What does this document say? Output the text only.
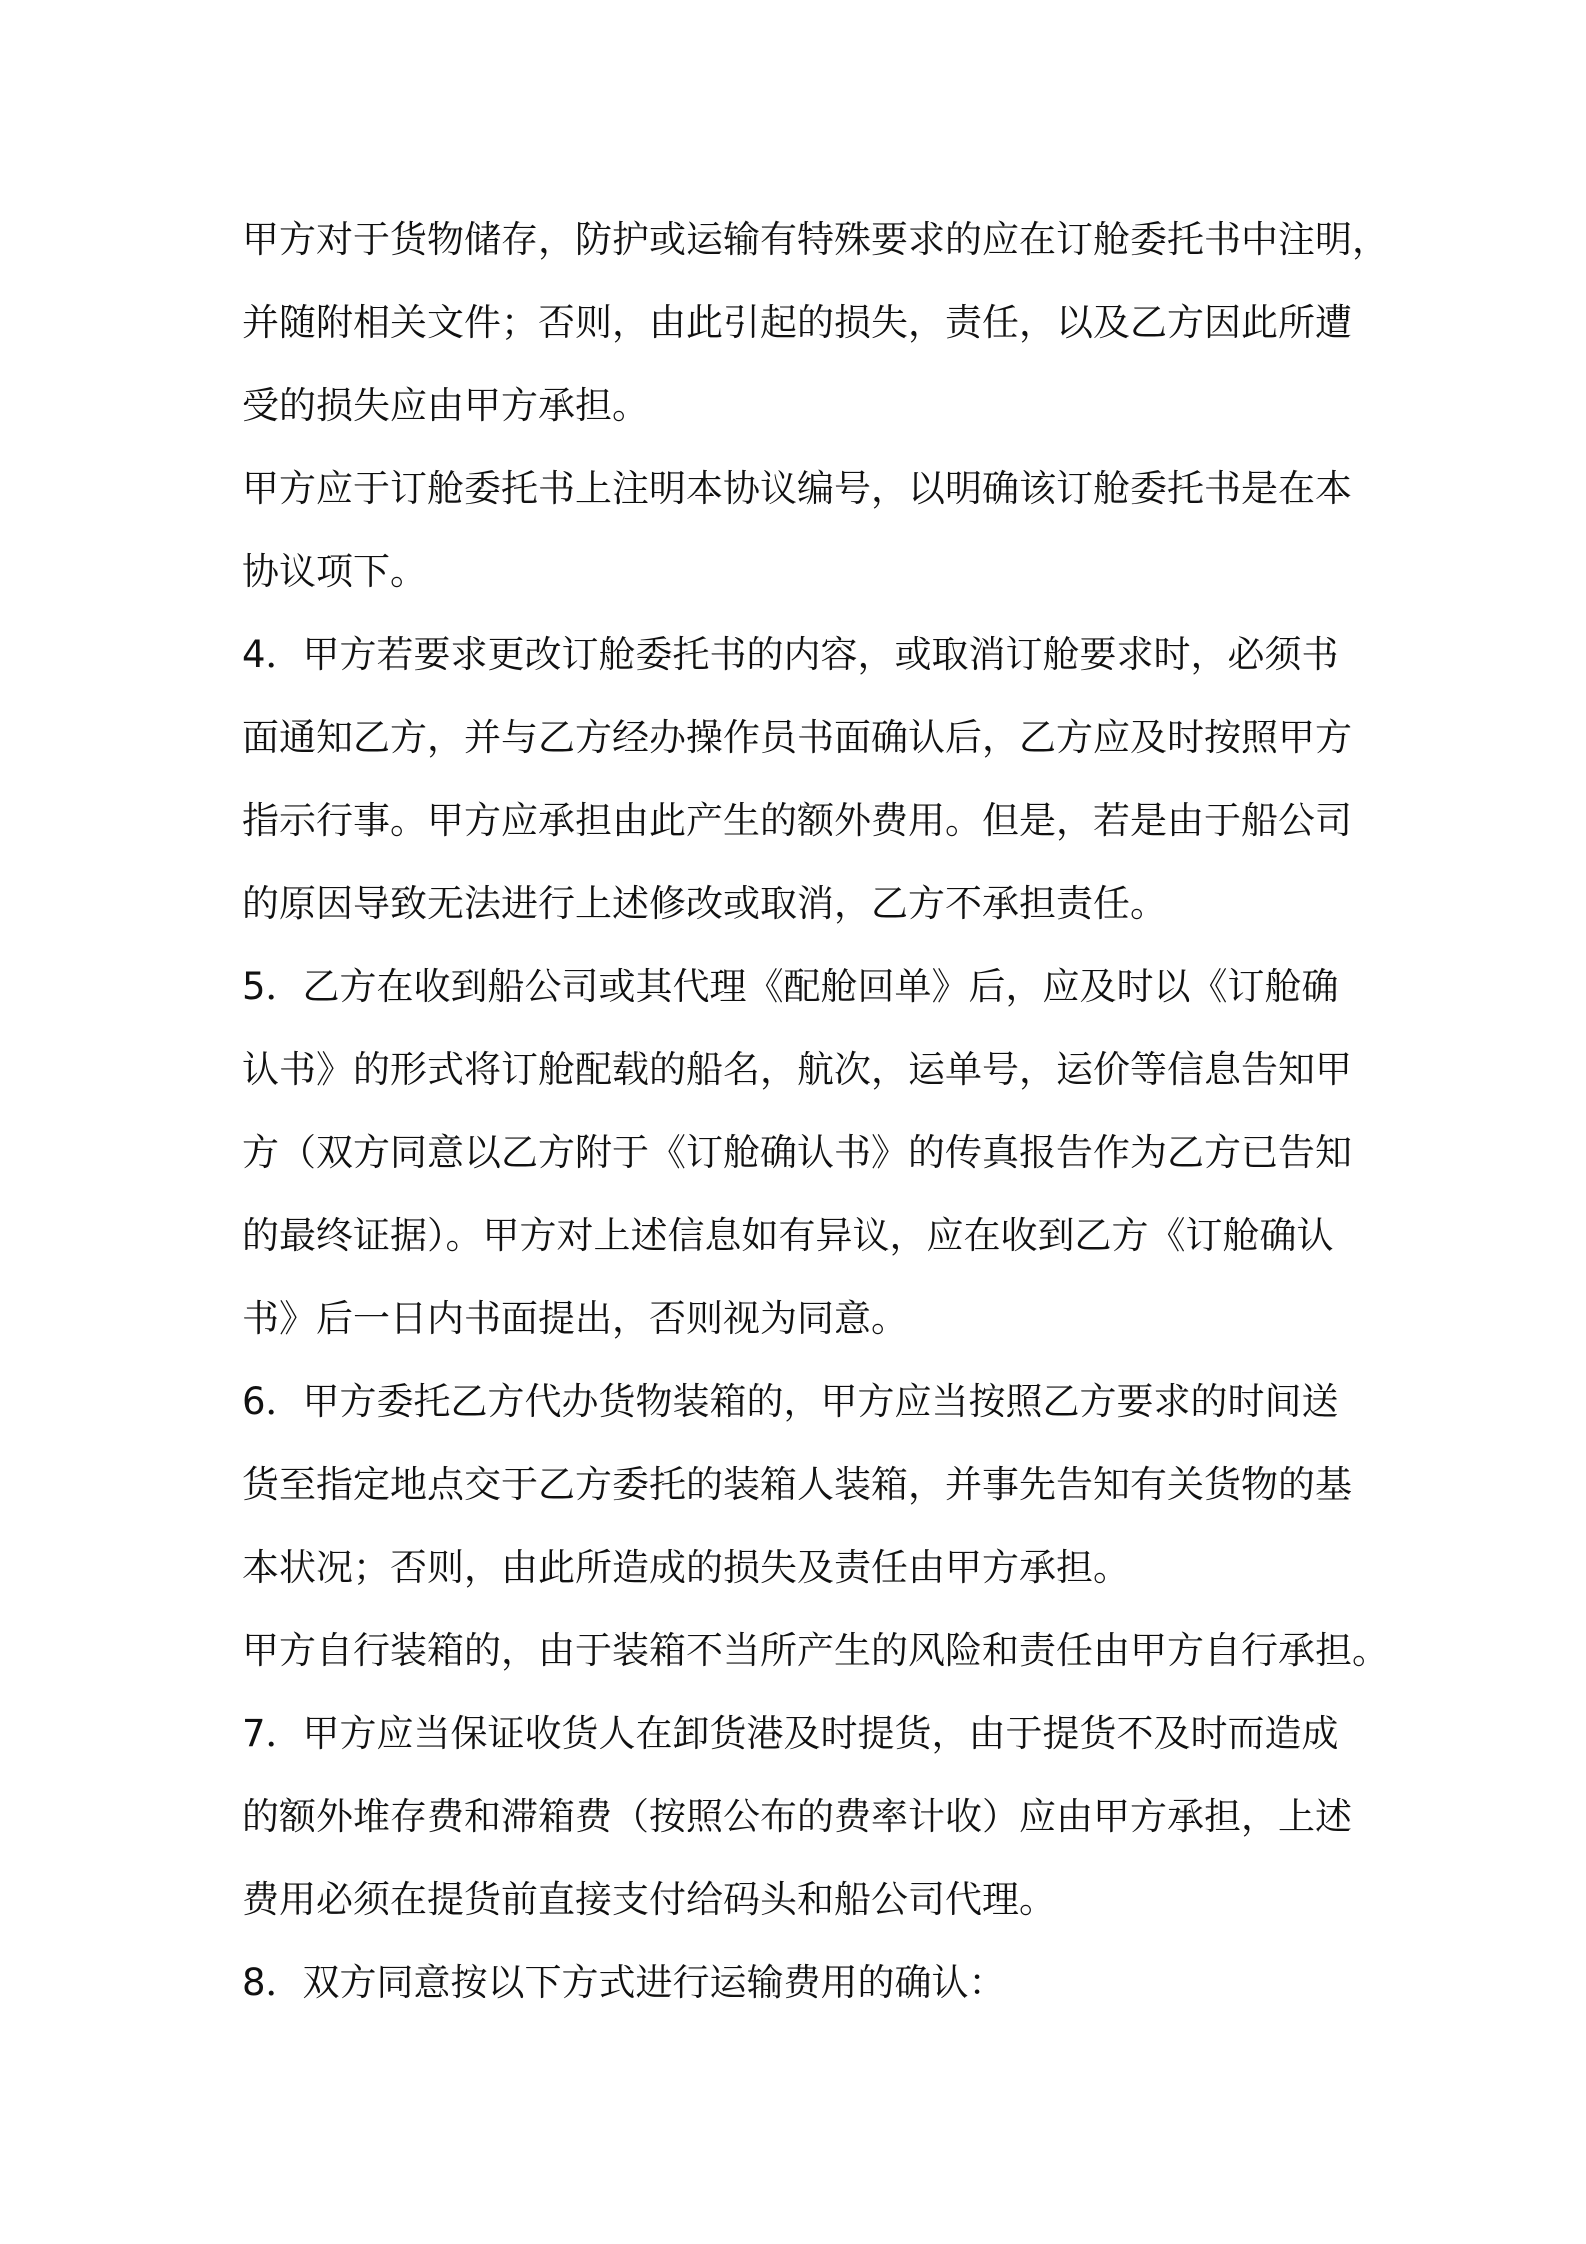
甲方对于货物储存，防护或运输有特殊要求的应在订舱委托书中注明，
并随附相关文件；否则，由此引起的损失，责任，以及乙方因此所遭
受的损失应由甲方承担。
甲方应于订舱委托书上注明本协议编号，以明确该订舱委托书是在本
协议项下。
4．甲方若要求更改订舱委托书的内容，或取消订舱要求时，必须书
面通知乙方，并与乙方经办操作员书面确认后，乙方应及时按照甲方
指示行事。甲方应承担由此产生的额外费用。但是，若是由于船公司
的原因导致无法进行上述修改或取消，乙方不承担责任。
5．乙方在收到船公司或其代理《配舱回单》后，应及时以《订舱确
认书》的形式将订舱配载的船名，航次，运单号，运价等信息告知甲
方（双方同意以乙方附于《订舱确认书》的传真报告作为乙方已告知
的最终证据）。甲方对上述信息如有异议，应在收到乙方《订舱确认
书》后一日内书面提出，否则视为同意。
6．甲方委托乙方代办货物装箱的，甲方应当按照乙方要求的时间送
货至指定地点交于乙方委托的装箱人装箱，并事先告知有关货物的基
本状况；否则，由此所造成的损失及责任由甲方承担。
甲方自行装箱的，由于装箱不当所产生的风险和责任由甲方自行承担。
7．甲方应当保证收货人在卸货港及时提货，由于提货不及时而造成
的额外堆存费和滞箱费（按照公布的费率计收）应由甲方承担，上述
费用必须在提货前直接支付给码头和船公司代理。
8．双方同意按以下方式进行运输费用的确认：
